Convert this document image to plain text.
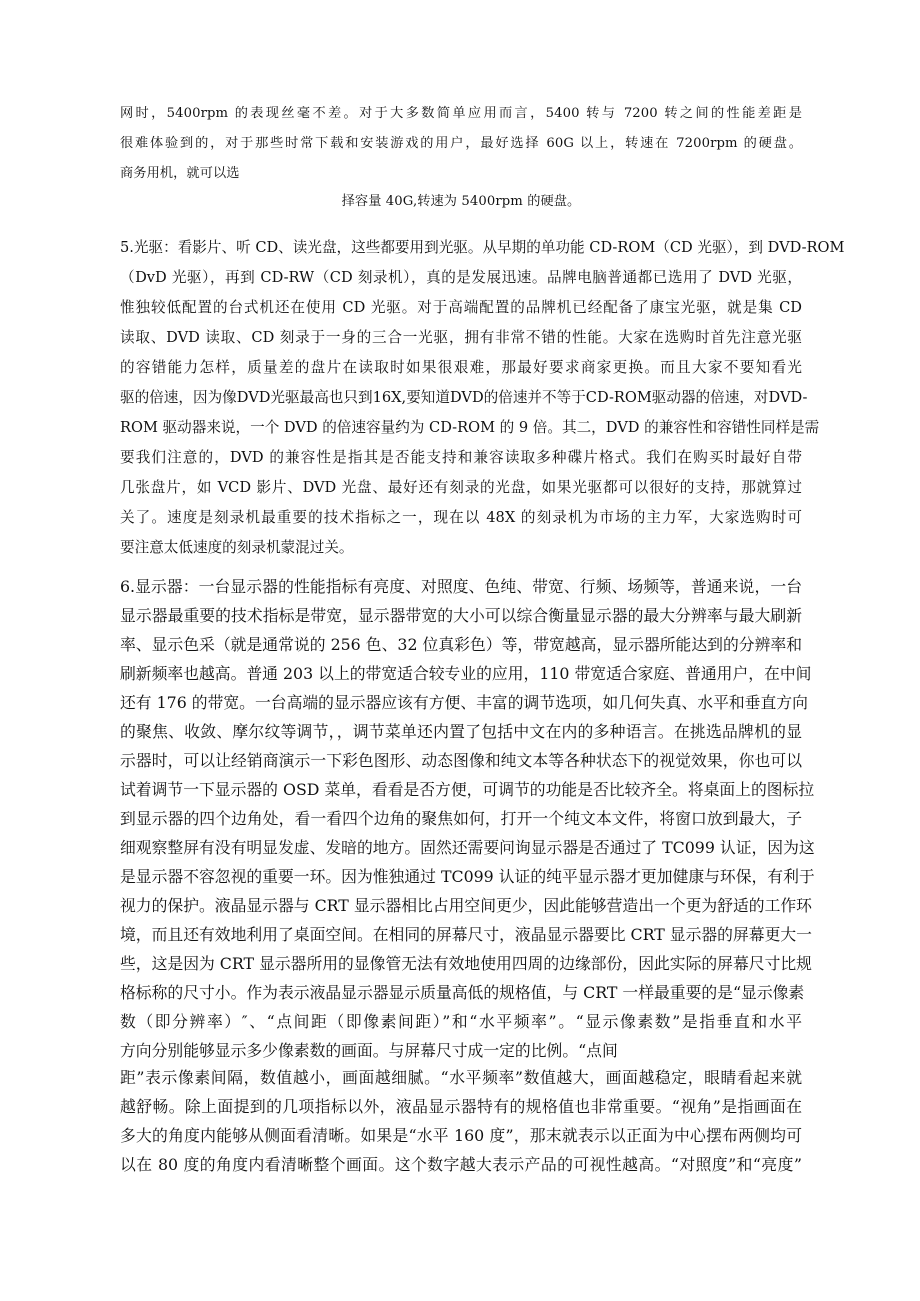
网时，5400rpm 的表现丝毫不差。对于大多数简单应用而言，5400 转与 7200 转之间的性能差距是
很难体验到的，对于那些时常下载和安装游戏的用户，最好选择 60G 以上，转速在 7200rpm 的硬盘。
商务用机，就可以选
择容量 40G,转速为 5400rpm 的硬盘。
5.光驱：看影片、听 CD、读光盘，这些都要用到光驱。从早期的单功能 CD-ROM（CD 光驱），到 DVD-ROM
（DvD 光驱），再到 CD-RW（CD 刻录机），真的是发展迅速。品牌电脑普通都已选用了 DVD 光驱，
惟独较低配置的台式机还在使用 CD 光驱。对于高端配置的品牌机已经配备了康宝光驱，就是集 CD
读取、DVD 读取、CD 刻录于一身的三合一光驱，拥有非常不错的性能。大家在选购时首先注意光驱
的容错能力怎样，质量差的盘片在读取时如果很艰难，那最好要求商家更换。而且大家不要知看光
驱的倍速，因为像DVD光驱最高也只到16X,要知道DVD的倍速并不等于CD-ROM驱动器的倍速，对DVD-
ROM 驱动器来说，一个 DVD 的倍速容量约为 CD-ROM 的 9 倍。其二，DVD 的兼容性和容错性同样是需
要我们注意的，DVD 的兼容性是指其是否能支持和兼容读取多种碟片格式。我们在购买时最好自带
几张盘片，如 VCD 影片、DVD 光盘、最好还有刻录的光盘，如果光驱都可以很好的支持，那就算过
关了。速度是刻录机最重要的技术指标之一，现在以 48X 的刻录机为市场的主力军，大家选购时可
要注意太低速度的刻录机蒙混过关。
6.显示器：一台显示器的性能指标有亮度、对照度、色纯、带宽、行频、场频等，普通来说，一台
显示器最重要的技术指标是带宽，显示器带宽的大小可以综合衡量显示器的最大分辨率与最大刷新
率、显示色采（就是通常说的 256 色、32 位真彩色）等，带宽越高，显示器所能达到的分辨率和
刷新频率也越高。普通 203 以上的带宽适合较专业的应用，110 带宽适合家庭、普通用户，在中间
还有 176 的带宽。一台高端的显示器应该有方便、丰富的调节选项，如几何失真、水平和垂直方向
的聚焦、收敛、摩尔纹等调节，，调节菜单还内置了包括中文在内的多种语言。在挑选品牌机的显
示器时，可以让经销商演示一下彩色图形、动态图像和纯文本等各种状态下的视觉效果，你也可以
试着调节一下显示器的 OSD 菜单，看看是否方便，可调节的功能是否比较齐全。将桌面上的图标拉
到显示器的四个边角处，看一看四个边角的聚焦如何，打开一个纯文本文件，将窗口放到最大，子
细观察整屏有没有明显发虚、发暗的地方。固然还需要问询显示器是否通过了 TC099 认证，因为这
是显示器不容忽视的重要一环。因为惟独通过 TC099 认证的纯平显示器才更加健康与环保，有利于
视力的保护。液晶显示器与 CRT 显示器相比占用空间更少，因此能够营造出一个更为舒适的工作环
境，而且还有效地利用了桌面空间。在相同的屏幕尺寸，液晶显示器要比 CRT 显示器的屏幕更大一
些，这是因为 CRT 显示器所用的显像管无法有效地使用四周的边缘部份，因此实际的屏幕尺寸比规
格标称的尺寸小。作为表示液晶显示器显示质量高低的规格值，与 CRT 一样最重要的是“显示像素
数（即分辨率）″、“点间距（即像素间距）”和“水平频率”。“显示像素数”是指垂直和水平
方向分别能够显示多少像素数的画面。与屏幕尺寸成一定的比例。“点间
距”表示像素间隔，数值越小，画面越细腻。“水平频率”数值越大，画面越稳定，眼睛看起来就
越舒畅。除上面提到的几项指标以外，液晶显示器特有的规格值也非常重要。“视角”是指画面在
多大的角度内能够从侧面看清晰。如果是“水平 160 度”，那末就表示以正面为中心摆布两侧均可
以在 80 度的角度内看清晰整个画面。这个数字越大表示产品的可视性越高。“对照度”和“亮度”
